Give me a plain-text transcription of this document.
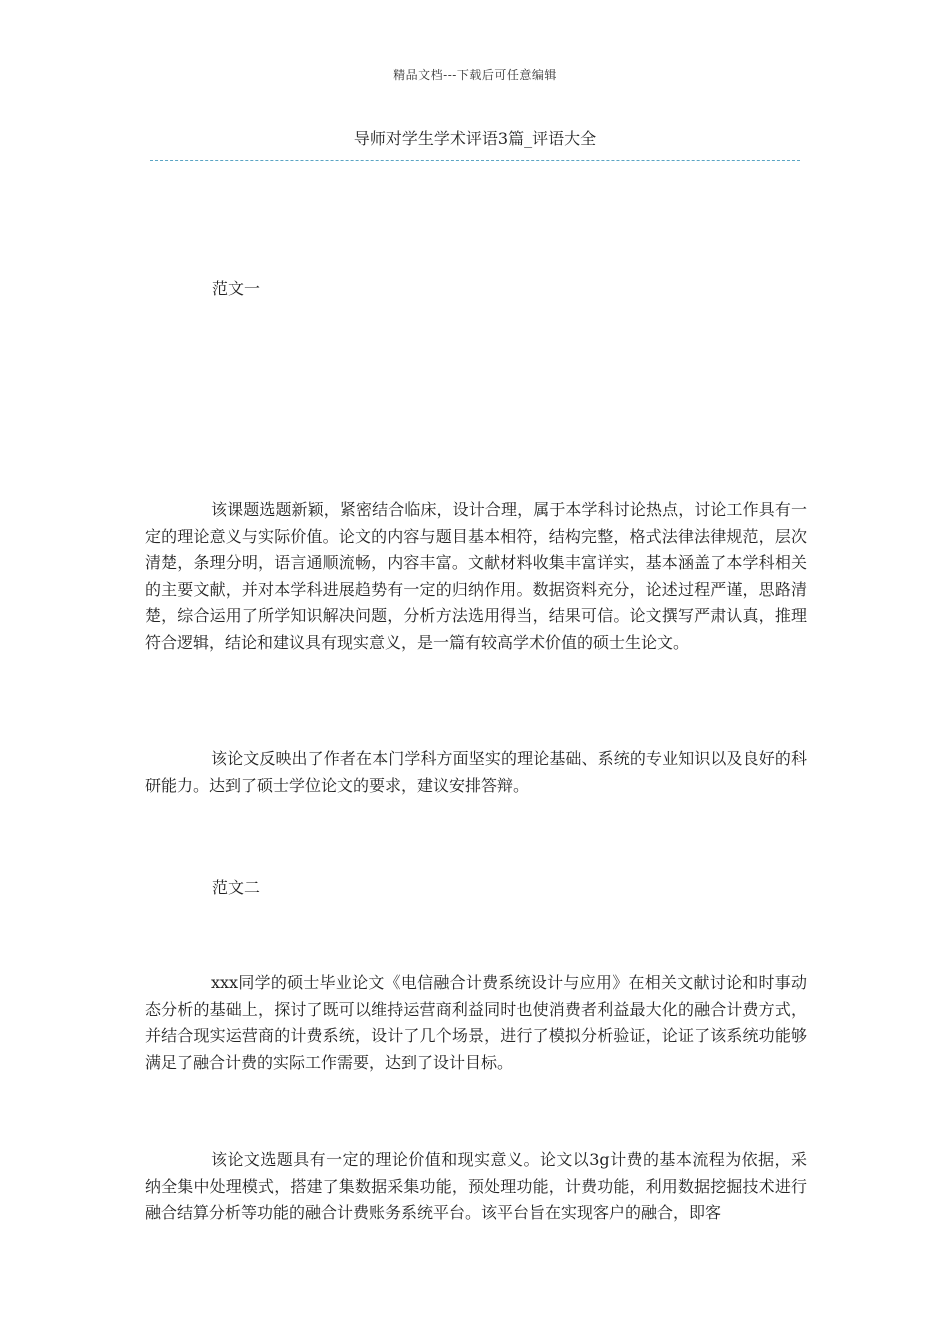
精品文档---下载后可任意编辑
导师对学生学术评语3篇_评语大全
范文一

该课题选题新颖，紧密结合临床，设计合理，属于本学科讨论热点，讨论工作具有一定的理论意义与实际价值。论文的内容与题目基本相符，结构完整，格式法律法律规范，层次清楚，条理分明，语言通顺流畅，内容丰富。文献材料收集丰富详实，基本涵盖了本学科相关的主要文献，并对本学科进展趋势有一定的归纳作用。数据资料充分，论述过程严谨，思路清楚，综合运用了所学知识解决问题，分析方法选用得当，结果可信。论文撰写严肃认真，推理符合逻辑，结论和建议具有现实意义，是一篇有较高学术价值的硕士生论文。

该论文反映出了作者在本门学科方面坚实的理论基础、系统的专业知识以及良好的科研能力。达到了硕士学位论文的要求，建议安排答辩。

范文二

xxx同学的硕士毕业论文《电信融合计费系统设计与应用》在相关文献讨论和时事动态分析的基础上，探讨了既可以维持运营商利益同时也使消费者利益最大化的融合计费方式，并结合现实运营商的计费系统，设计了几个场景，进行了模拟分析验证，论证了该系统功能够满足了融合计费的实际工作需要，达到了设计目标。

该论文选题具有一定的理论价值和现实意义。论文以3g计费的基本流程为依据，采纳全集中处理模式，搭建了集数据采集功能，预处理功能，计费功能，利用数据挖掘技术进行融合结算分析等功能的融合计费账务系统平台。该平台旨在实现客户的融合，即客
